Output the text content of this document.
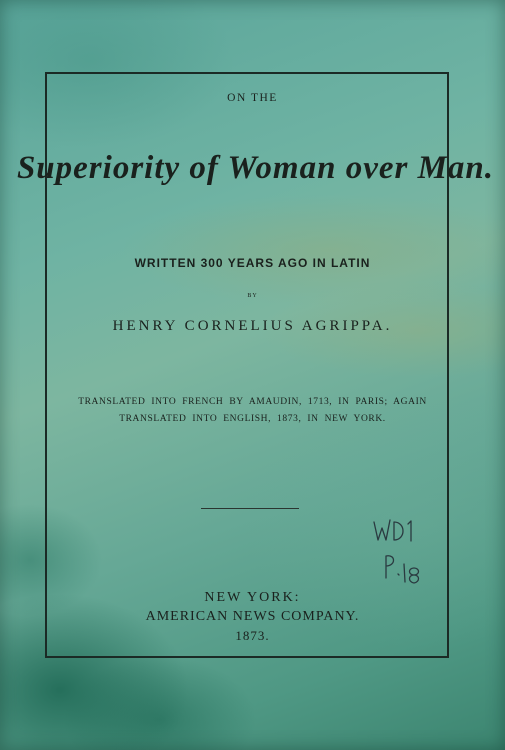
ON THE
Superiority of Woman over Man.
WRITTEN 300 YEARS AGO IN LATIN
BY
HENRY CORNELIUS AGRIPPA.
TRANSLATED INTO FRENCH BY AMAUDIN, 1713, IN PARIS; AGAIN
TRANSLATED INTO ENGLISH, 1873, IN NEW YORK.
NEW YORK:
AMERICAN NEWS COMPANY.
1873.
